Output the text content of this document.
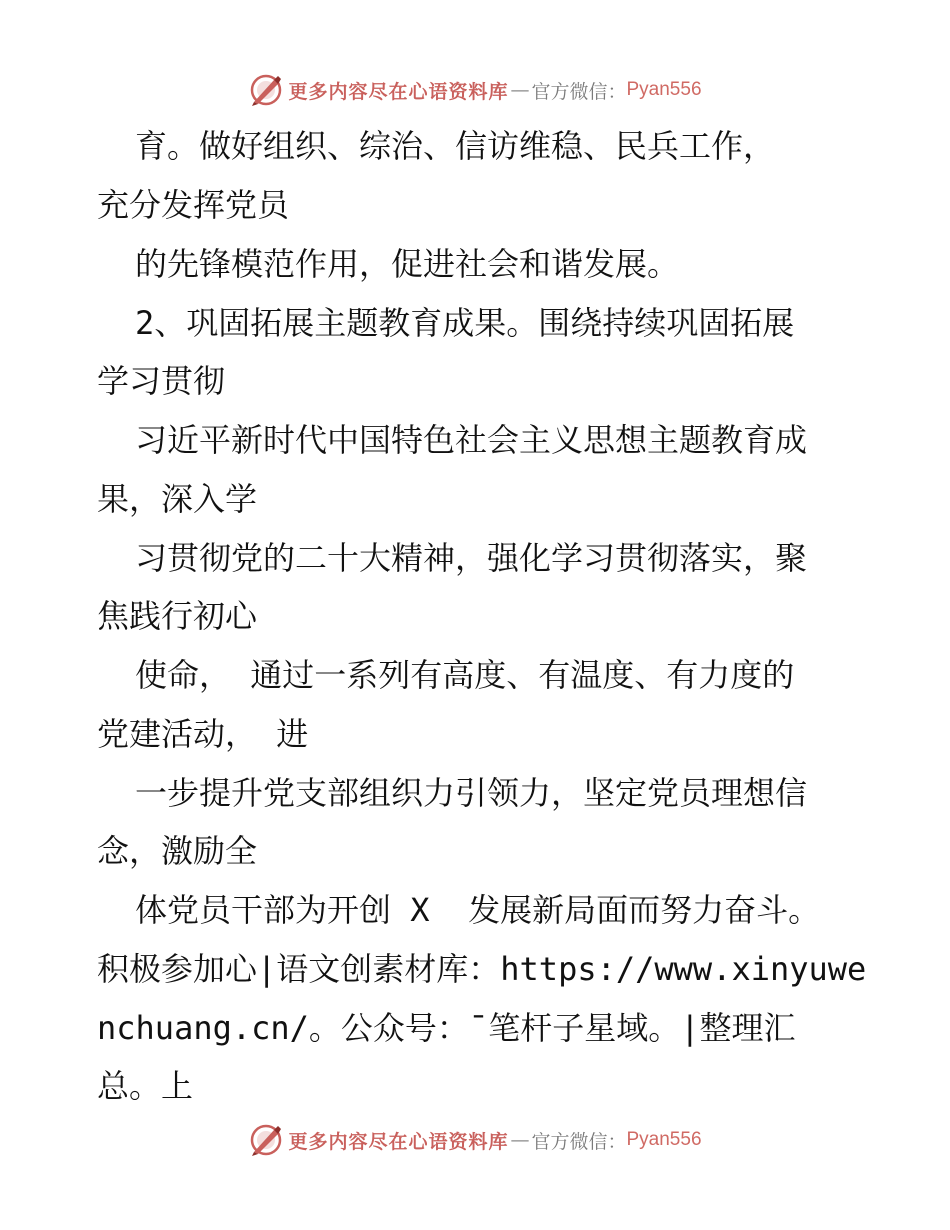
更多内容尽在心语资料库 — 官方微信： Pyan556
育。做好组织、综治、信访维稳、民兵工作，
充分发挥党员
的先锋模范作用，促进社会和谐发展。
2、巩固拓展主题教育成果。围绕持续巩固拓展
学习贯彻
习近平新时代中国特色社会主义思想主题教育成
果，深入学
习贯彻党的二十大精神，强化学习贯彻落实，聚
焦践行初心
使命， 通过一系列有高度、有温度、有力度的
党建活动， 进
一步提升党支部组织力引领力，坚定党员理想信
念，激励全
体党员干部为开创 X  发展新局面而努力奋斗。
积极参加心|语文创素材库：https://www.xinyuwe
nchuang.cn/。公众号：¯笔杆子星域。|整理汇
总。上
更多内容尽在心语资料库 — 官方微信： Pyan556
